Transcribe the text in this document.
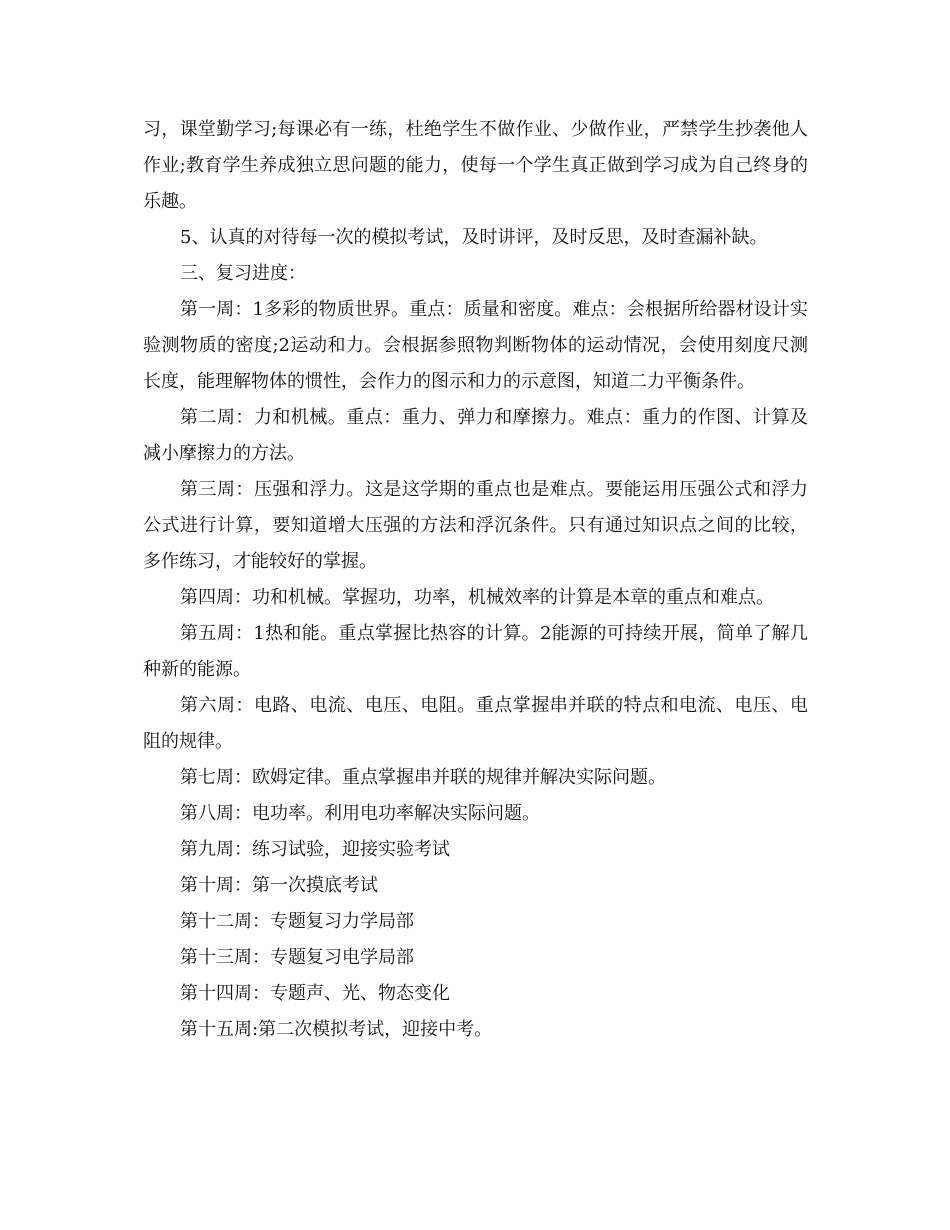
习，课堂勤学习;每课必有一练，杜绝学生不做作业、少做作业，严禁学生抄袭他人作业;教育学生养成独立思问题的能力，使每一个学生真正做到学习成为自己终身的乐趣。

5、认真的对待每一次的模拟考试，及时讲评，及时反思，及时查漏补缺。

三、复习进度：

第一周：1多彩的物质世界。重点：质量和密度。难点：会根据所给器材设计实验测物质的密度;2运动和力。会根据参照物判断物体的运动情况，会使用刻度尺测长度，能理解物体的惯性，会作力的图示和力的示意图，知道二力平衡条件。

第二周：力和机械。重点：重力、弹力和摩擦力。难点：重力的作图、计算及减小摩擦力的方法。

第三周：压强和浮力。这是这学期的重点也是难点。要能运用压强公式和浮力公式进行计算，要知道增大压强的方法和浮沉条件。只有通过知识点之间的比较，多作练习，才能较好的掌握。

第四周：功和机械。掌握功，功率，机械效率的计算是本章的重点和难点。

第五周：1热和能。重点掌握比热容的计算。2能源的可持续开展，简单了解几种新的能源。

第六周：电路、电流、电压、电阻。重点掌握串并联的特点和电流、电压、电阻的规律。

第七周：欧姆定律。重点掌握串并联的规律并解决实际问题。

第八周：电功率。利用电功率解决实际问题。

第九周：练习试验，迎接实验考试

第十周：第一次摸底考试

第十二周：专题复习力学局部

第十三周：专题复习电学局部

第十四周：专题声、光、物态变化

第十五周:第二次模拟考试，迎接中考。
